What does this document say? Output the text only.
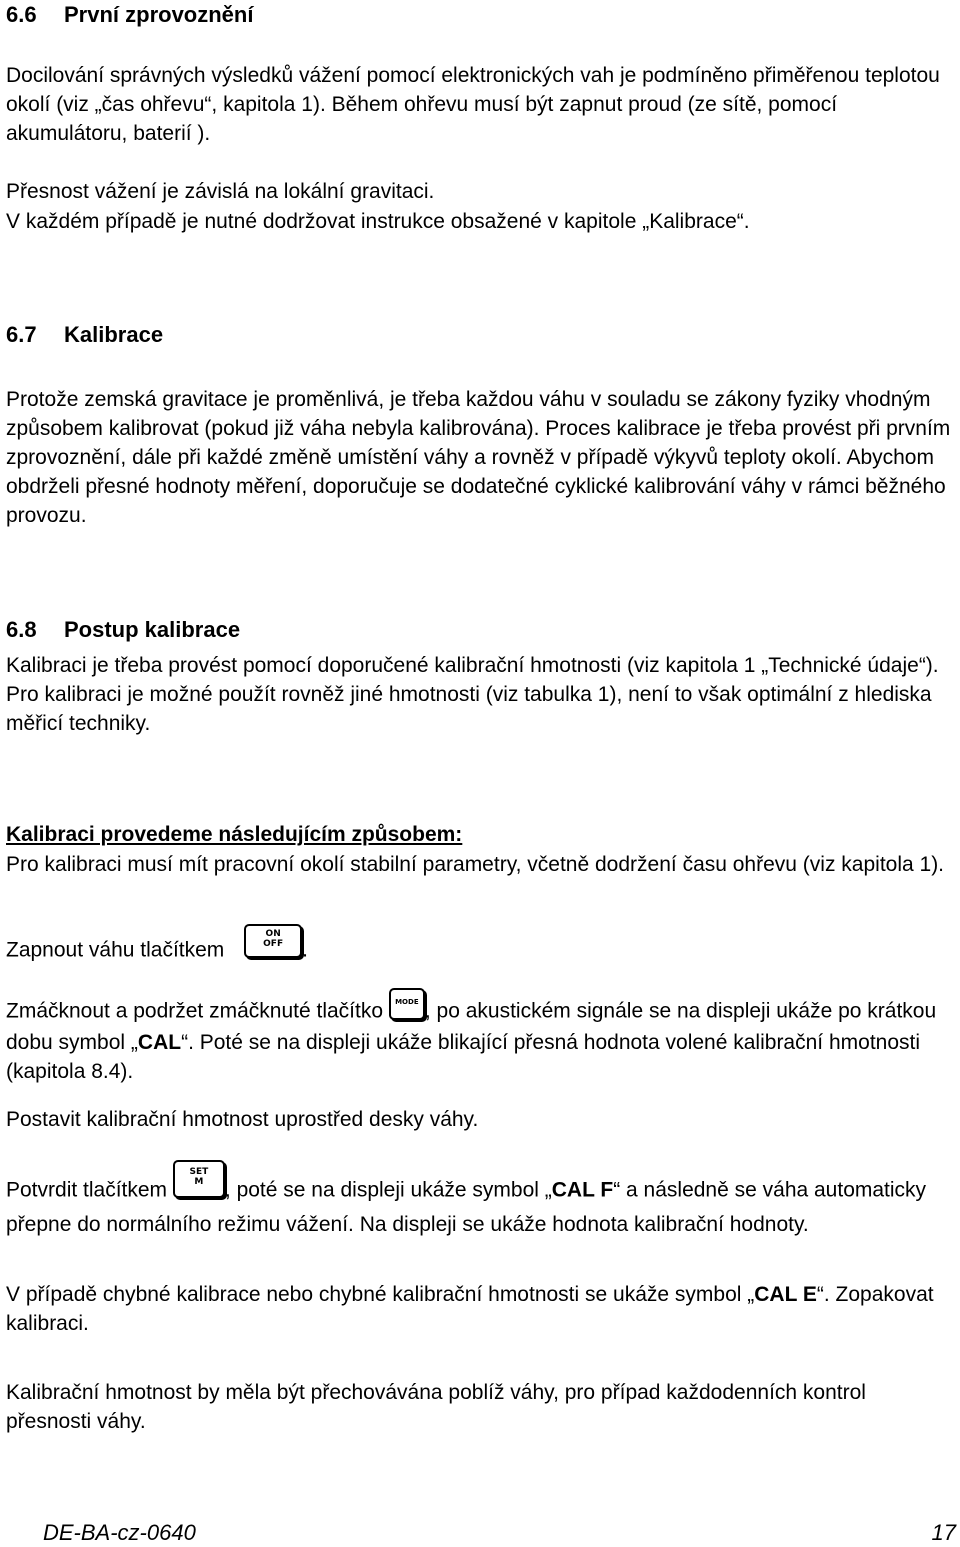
6.6	První zprovoznění

Docilování správných výsledků vážení pomocí elektronických vah je podmíněno přiměřenou teplotou okolí (viz „čas ohřevu“, kapitola 1). Během ohřevu musí být zapnut proud (ze sítě, pomocí akumulátoru, baterií ).

Přesnost vážení je závislá na lokální gravitaci.

V každém případě je nutné dodržovat instrukce obsažené v kapitole „Kalibrace“.

6.7	Kalibrace

Protože zemská gravitace je proměnlivá, je třeba každou váhu v souladu se zákony fyziky vhodným způsobem kalibrovat (pokud již váha nebyla kalibrována). Proces kalibrace je třeba provést při prvním zprovoznění, dále při každé změně umístění váhy a rovněž v případě výkyvů teploty okolí. Abychom obdrželi přesné hodnoty měření, doporučuje se dodatečné cyklické kalibrování váhy v rámci běžného provozu.

6.8	Postup kalibrace

Kalibraci je třeba provést pomocí doporučené kalibrační hmotnosti (viz kapitola 1 „Technické údaje“). Pro kalibraci je možné použít rovněž jiné hmotnosti (viz tabulka 1), není to však optimální z hlediska měřicí techniky.

Kalibraci provedeme následujícím způsobem:

Pro kalibraci musí mít pracovní okolí stabilní parametry, včetně dodržení času ohřevu (viz kapitola 1).

Zapnout váhu tlačítkem
ON
OFF .

Zmáčknout a podržet zmáčknuté tlačítko	MODE , po akustickém signále se na displeji ukáže po krátkou dobu symbol „CAL“. Poté se na displeji ukáže blikající přesná hodnota volené kalibrační hmotnosti (kapitola 8.4).

Postavit kalibrační hmotnost uprostřed desky váhy.

Potvrdit tlačítkem
SET
M	, poté se na displeji ukáže symbol „CAL F“ a následně se váha automaticky přepne do normálního režimu vážení. Na displeji se ukáže hodnota kalibrační hodnoty.

V případě chybné kalibrace nebo chybné kalibrační hmotnosti se ukáže symbol „CAL E“. Zopakovat kalibraci.

Kalibrační hmotnost by měla být přechovávána poblíž váhy, pro případ každodenních kontrol přesnosti váhy.

DE-BA-cz-0640	17
